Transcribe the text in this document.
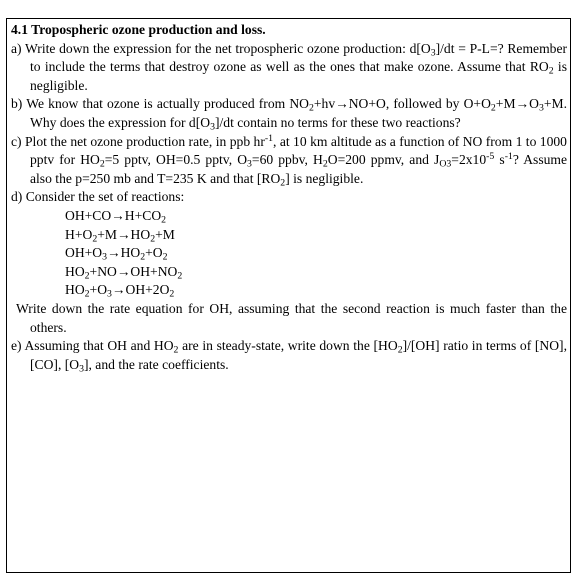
4.1 Tropospheric ozone production and loss.
a) Write down the expression for the net tropospheric ozone production: $d[O_3]/dt = P-L=$? Remember to include the terms that destroy ozone as well as the ones that make ozone. Assume that $RO_2$ is negligible.
b) We know that ozone is actually produced from $NO_2+hv\to NO+O$, followed by $O+O_2+M\to O_3+M$. Why does the expression for $d[O_3]/dt$ contain no terms for these two reactions?
c) Plot the net ozone production rate, in ppb $hr^{-1}$, at 10 km altitude as a function of NO from 1 to 1000 pptv for $HO_2=5$ pptv, OH=0.5 pptv, $O_3=60$ ppbv, $H_2O=200$ ppmv, and $J_{O3}=2x10^{-5}$ $s^{-1}$? Assume also the p=250 mb and T=235 K and that $[RO_2]$ is negligible.
d) Consider the set of reactions:
$OH+CO\to H+CO_2$
$H+O_2+M\to HO_2+M$
$OH+O_3\to HO_2+O_2$
$HO_2+NO\to OH+NO_2$
$HO_2+O_3\to OH+2O_2$
Write down the rate equation for OH, assuming that the second reaction is much faster than the others.
e) Assuming that OH and $HO_2$ are in steady-state, write down the $[HO_2]/[OH]$ ratio in terms of [NO], [CO], $[O_3]$, and the rate coefficients.
